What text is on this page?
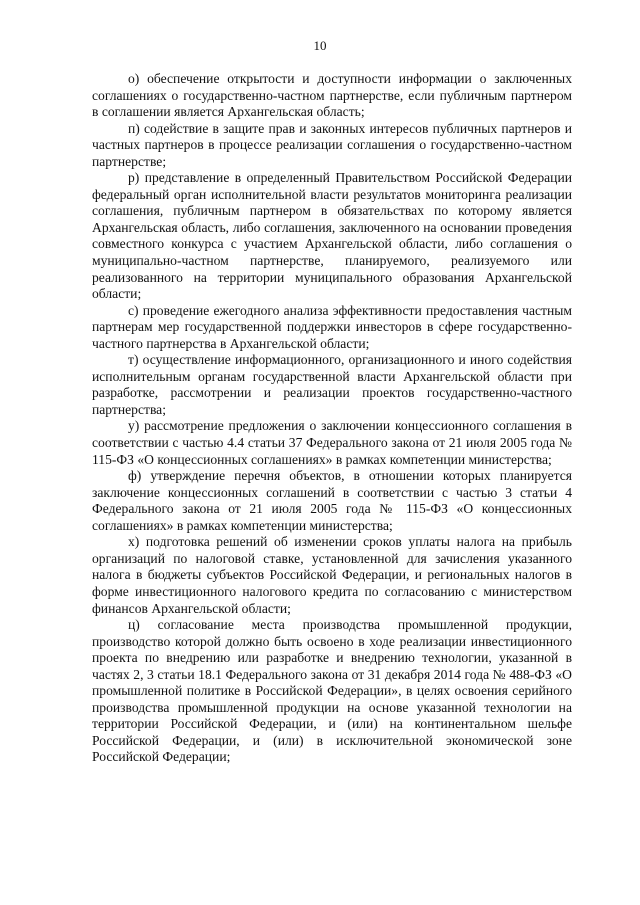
10

о) обеспечение открытости и доступности информации о заключенных соглашениях о государственно-частном партнерстве, если публичным партнером в соглашении является Архангельская область;

п) содействие в защите прав и законных интересов публичных партнеров и частных партнеров в процессе реализации соглашения о государственно-частном партнерстве;

р) представление в определенный Правительством Российской Федерации федеральный орган исполнительной власти результатов мониторинга реализации соглашения, публичным партнером в обязательствах по которому является Архангельская область, либо соглашения, заключенного на основании проведения совместного конкурса с участием Архангельской области, либо соглашения о муниципально-частном партнерстве, планируемого, реализуемого или реализованного на территории муниципального образования Архангельской области;

с) проведение ежегодного анализа эффективности предоставления частным партнерам мер государственной поддержки инвесторов в сфере государственно-частного партнерства в Архангельской области;

т) осуществление информационного, организационного и иного содействия исполнительным органам государственной власти Архангельской области при разработке, рассмотрении и реализации проектов государственно-частного партнерства;

у) рассмотрение предложения о заключении концессионного соглашения в соответствии с частью 4.4 статьи 37 Федерального закона от 21 июля 2005 года № 115-ФЗ «О концессионных соглашениях» в рамках компетенции министерства;

ф) утверждение перечня объектов, в отношении которых планируется заключение концессионных соглашений в соответствии с частью 3 статьи 4 Федерального закона от 21 июля 2005 года № 115-ФЗ «О концессионных соглашениях» в рамках компетенции министерства;

х) подготовка решений об изменении сроков уплаты налога на прибыль организаций по налоговой ставке, установленной для зачисления указанного налога в бюджеты субъектов Российской Федерации, и региональных налогов в форме инвестиционного налогового кредита по согласованию с министерством финансов Архангельской области;

ц) согласование места производства промышленной продукции, производство которой должно быть освоено в ходе реализации инвестиционного проекта по внедрению или разработке и внедрению технологии, указанной в частях 2, 3 статьи 18.1 Федерального закона от 31 декабря 2014 года № 488-ФЗ «О промышленной политике в Российской Федерации», в целях освоения серийного производства промышленной продукции на основе указанной технологии на территории Российской Федерации, и (или) на континентальном шельфе Российской Федерации, и (или) в исключительной экономической зоне Российской Федерации;
